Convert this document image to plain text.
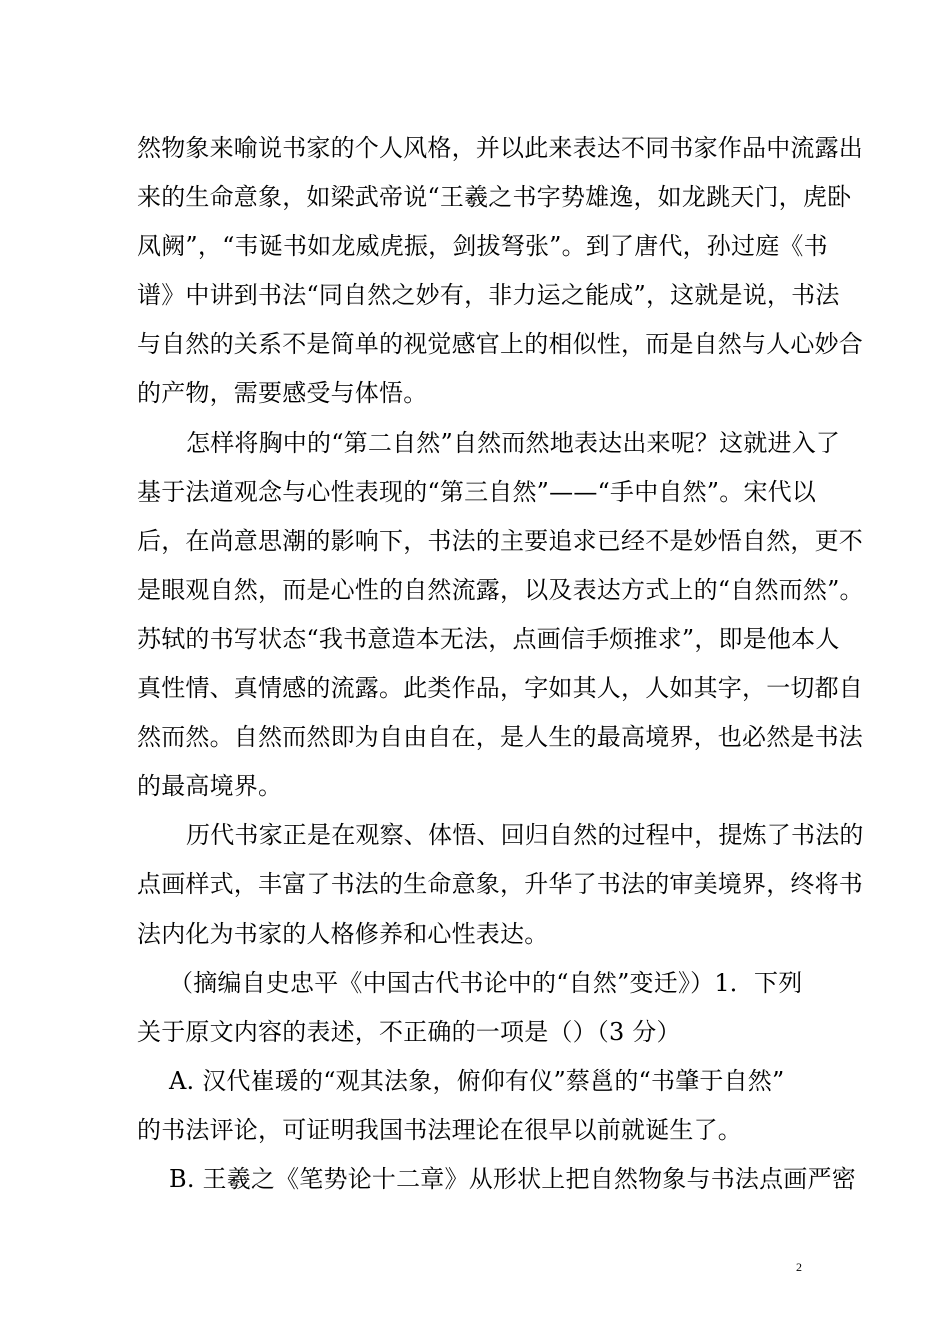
然物象来喻说书家的个人风格，并以此来表达不同书家作品中流露出
来的生命意象，如梁武帝说“王羲之书字势雄逸，如龙跳天门，虎卧
凤阙”，“韦诞书如龙威虎振，剑拔弩张”。到了唐代，孙过庭《书
谱》中讲到书法“同自然之妙有，非力运之能成”，这就是说，书法
与自然的关系不是简单的视觉感官上的相似性，而是自然与人心妙合
的产物，需要感受与体悟。
怎样将胸中的“第二自然”自然而然地表达出来呢？这就进入了
基于法道观念与心性表现的“第三自然”——“手中自然”。宋代以
后，在尚意思潮的影响下，书法的主要追求已经不是妙悟自然，更不
是眼观自然，而是心性的自然流露，以及表达方式上的“自然而然”。
苏轼的书写状态“我书意造本无法，点画信手烦推求”，即是他本人
真性情、真情感的流露。此类作品，字如其人，人如其字，一切都自
然而然。自然而然即为自由自在，是人生的最高境界，也必然是书法
的最高境界。
历代书家正是在观察、体悟、回归自然的过程中，提炼了书法的
点画样式，丰富了书法的生命意象，升华了书法的审美境界，终将书
法内化为书家的人格修养和心性表达。
（摘编自史忠平《中国古代书论中的“自然”变迁》）1．下列
关于原文内容的表述，不正确的一项是（）（3 分）
A. 汉代崔瑗的“观其法象，俯仰有仪”蔡邕的“书肇于自然”
的书法评论，可证明我国书法理论在很早以前就诞生了。
B. 王羲之《笔势论十二章》从形状上把自然物象与书法点画严密
2
